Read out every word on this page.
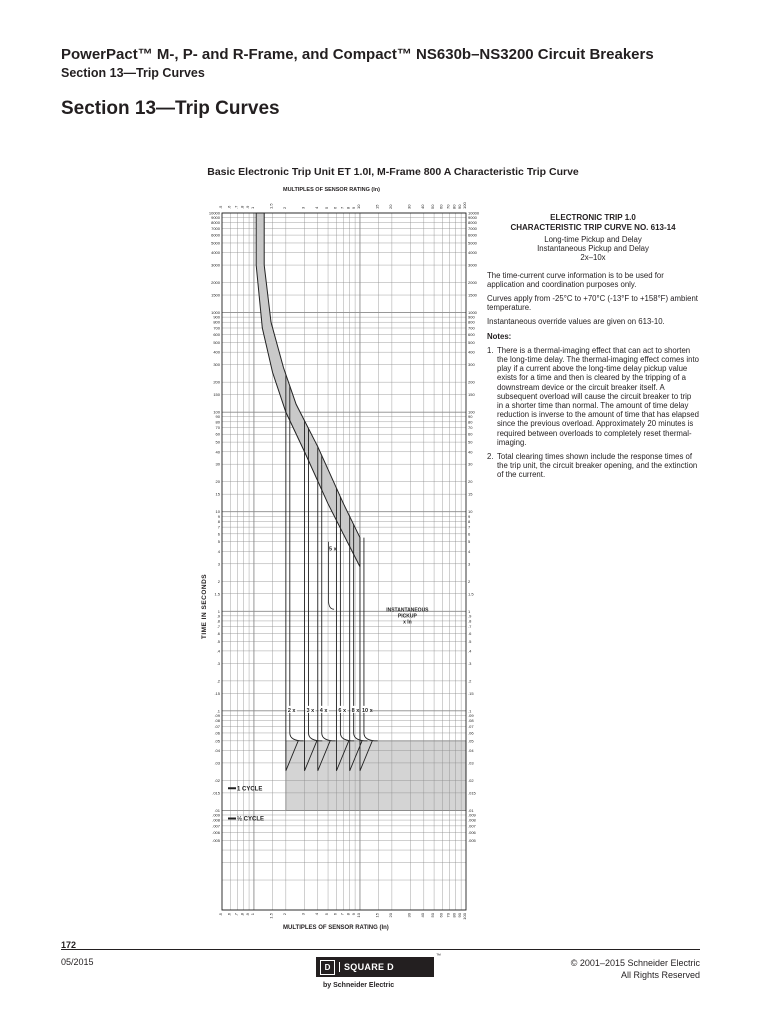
PowerPact™ M-, P- and R-Frame, and Compact™ NS630b–NS3200 Circuit Breakers
Section 13—Trip Curves
Section 13—Trip Curves
Basic Electronic Trip Unit ET 1.0I, M-Frame 800 A Characteristic Trip Curve
MULTIPLES OF SENSOR RATING (In)
MULTIPLES OF SENSOR RATING (In)
TIME IN SECONDS
2 x 3 x 4 x 6 x 8 x 10 x
.5
.5
.6
.6
.7
.7
.8
.8
.9
.9
1
1
1.5
1.5
2
2
3
3
4
4
5
5
6
6
7
7
8
8
9
9
10
10
15
15
20
20
30
30
40
40
50
50
60
60
70
70
80
80
90
90
100
100
10000	10000
9000	9000
8000	8000
7000	7000
6000	6000
5000	5000
4000	4000
3000	3000
2000	2000
1500	1500
1000	1000
900	900
800	800
700	700
600	600
500	500
400	400
300	300
200	200
150	150
100	100
90	90
80	80
70	70
60	60
50	50
40	40
30	30
20	20
15	15
10	10
9	9
8	8
7	7
6	6
5	5
4	4
3	3
2	2
1.5	1.5
1	1
.9	.9
.8	.8
.7	.7
.6	.6
.5	.5
.4	.4
.3	.3
.2	.2
.15	.15
.1	.1
.09	.09
.08	.08
.07	.07
.06	.06
.05	.05
.04	.04
.03	.03
.02	.02
.015	.015
.01	.01
.009	.009
.008	.008
.007	.007
.006	.006
.005	.005
5 x
INSTANTANEOUS
PICKUP
x In
1 CYCLE
½ CYCLE
ELECTRONIC TRIP 1.0
CHARACTERISTIC TRIP CURVE NO. 613-14
Long-time Pickup and Delay
Instantaneous Pickup and Delay
2x–10x

The time-current curve information is to be used for application and coordination purposes only.

Curves apply from -25°C to +70°C (-13°F to +158°F) ambient temperature.

Instantaneous override values are given on 613-10.

Notes:

1. There is a thermal-imaging effect that can act to shorten the long-time delay. The thermal-imaging effect comes into play if a current above the long-time delay pickup value exists for a time and then is cleared by the tripping of a downstream device or the circuit breaker itself. A subsequent overload will cause the circuit breaker to trip in a shorter time than normal. The amount of time delay reduction is inverse to the amount of time that has elapsed since the previous overload. Approximately 20 minutes is required between overloads to completely reset thermal-imaging.
2. Total clearing times shown include the response times of the trip unit, the circuit breaker opening, and the extinction of the current.
172
05/2015	D	SQUARE D
™
by Schneider Electric
© 2001–2015 Schneider Electric
All Rights Reserved
